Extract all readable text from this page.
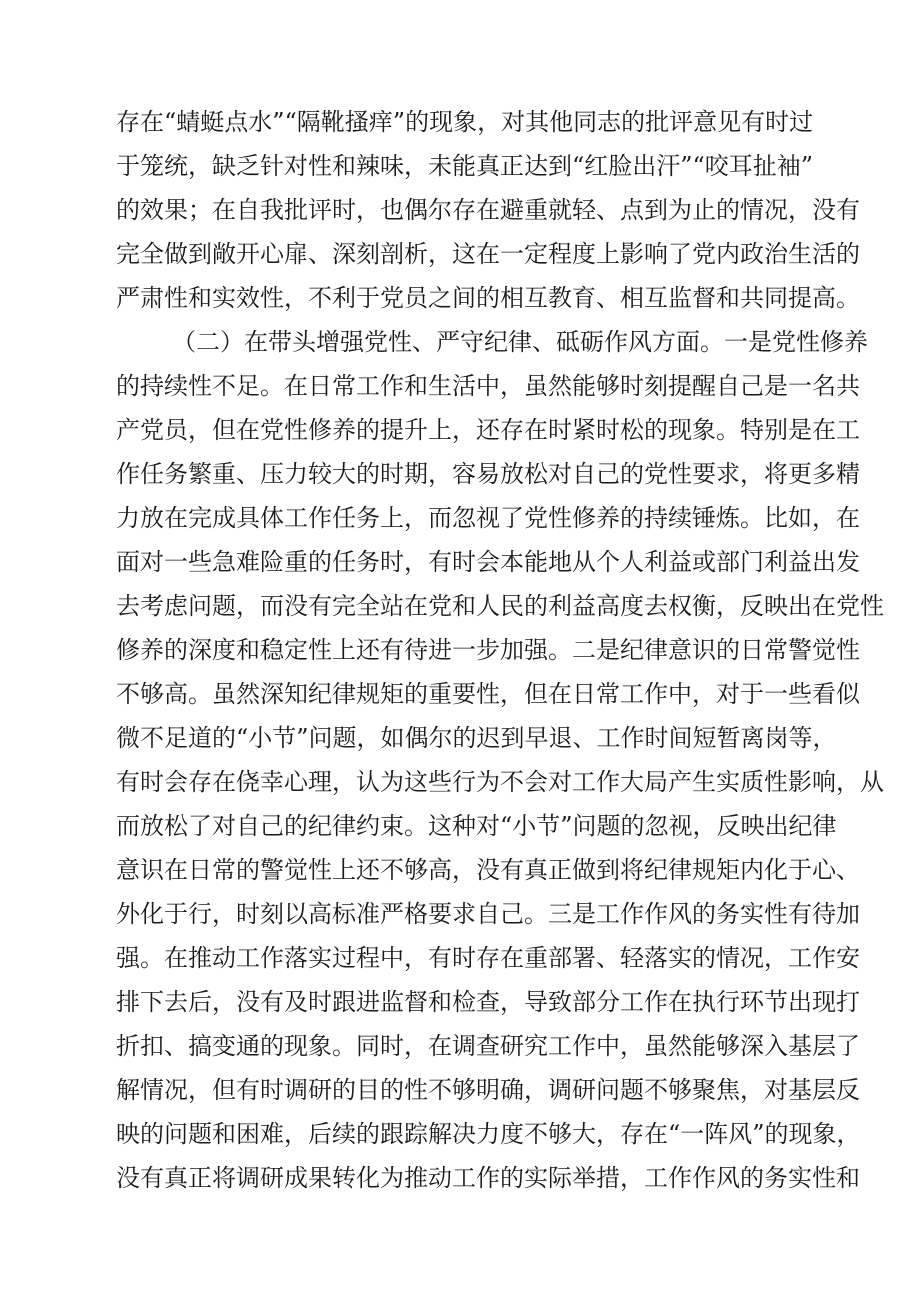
存在“蜻蜓点水”“隔靴搔痒”的现象，对其他同志的批评意见有时过
于笼统，缺乏针对性和辣味，未能真正达到“红脸出汗”“咬耳扯袖”
的效果；在自我批评时，也偶尔存在避重就轻、点到为止的情况，没有
完全做到敞开心扉、深刻剖析，这在一定程度上影响了党内政治生活的
严肃性和实效性，不利于党员之间的相互教育、相互监督和共同提高。
（二）在带头增强党性、严守纪律、砥砺作风方面。一是党性修养
的持续性不足。在日常工作和生活中，虽然能够时刻提醒自己是一名共
产党员，但在党性修养的提升上，还存在时紧时松的现象。特别是在工
作任务繁重、压力较大的时期，容易放松对自己的党性要求，将更多精
力放在完成具体工作任务上，而忽视了党性修养的持续锤炼。比如，在
面对一些急难险重的任务时，有时会本能地从个人利益或部门利益出发
去考虑问题，而没有完全站在党和人民的利益高度去权衡，反映出在党性
修养的深度和稳定性上还有待进一步加强。二是纪律意识的日常警觉性
不够高。虽然深知纪律规矩的重要性，但在日常工作中，对于一些看似
微不足道的“小节”问题，如偶尔的迟到早退、工作时间短暂离岗等，
有时会存在侥幸心理，认为这些行为不会对工作大局产生实质性影响，从
而放松了对自己的纪律约束。这种对“小节”问题的忽视，反映出纪律
意识在日常的警觉性上还不够高，没有真正做到将纪律规矩内化于心、
外化于行，时刻以高标准严格要求自己。三是工作作风的务实性有待加
强。在推动工作落实过程中，有时存在重部署、轻落实的情况，工作安
排下去后，没有及时跟进监督和检查，导致部分工作在执行环节出现打
折扣、搞变通的现象。同时，在调查研究工作中，虽然能够深入基层了
解情况，但有时调研的目的性不够明确，调研问题不够聚焦，对基层反
映的问题和困难，后续的跟踪解决力度不够大，存在“一阵风”的现象，
没有真正将调研成果转化为推动工作的实际举措，工作作风的务实性和
